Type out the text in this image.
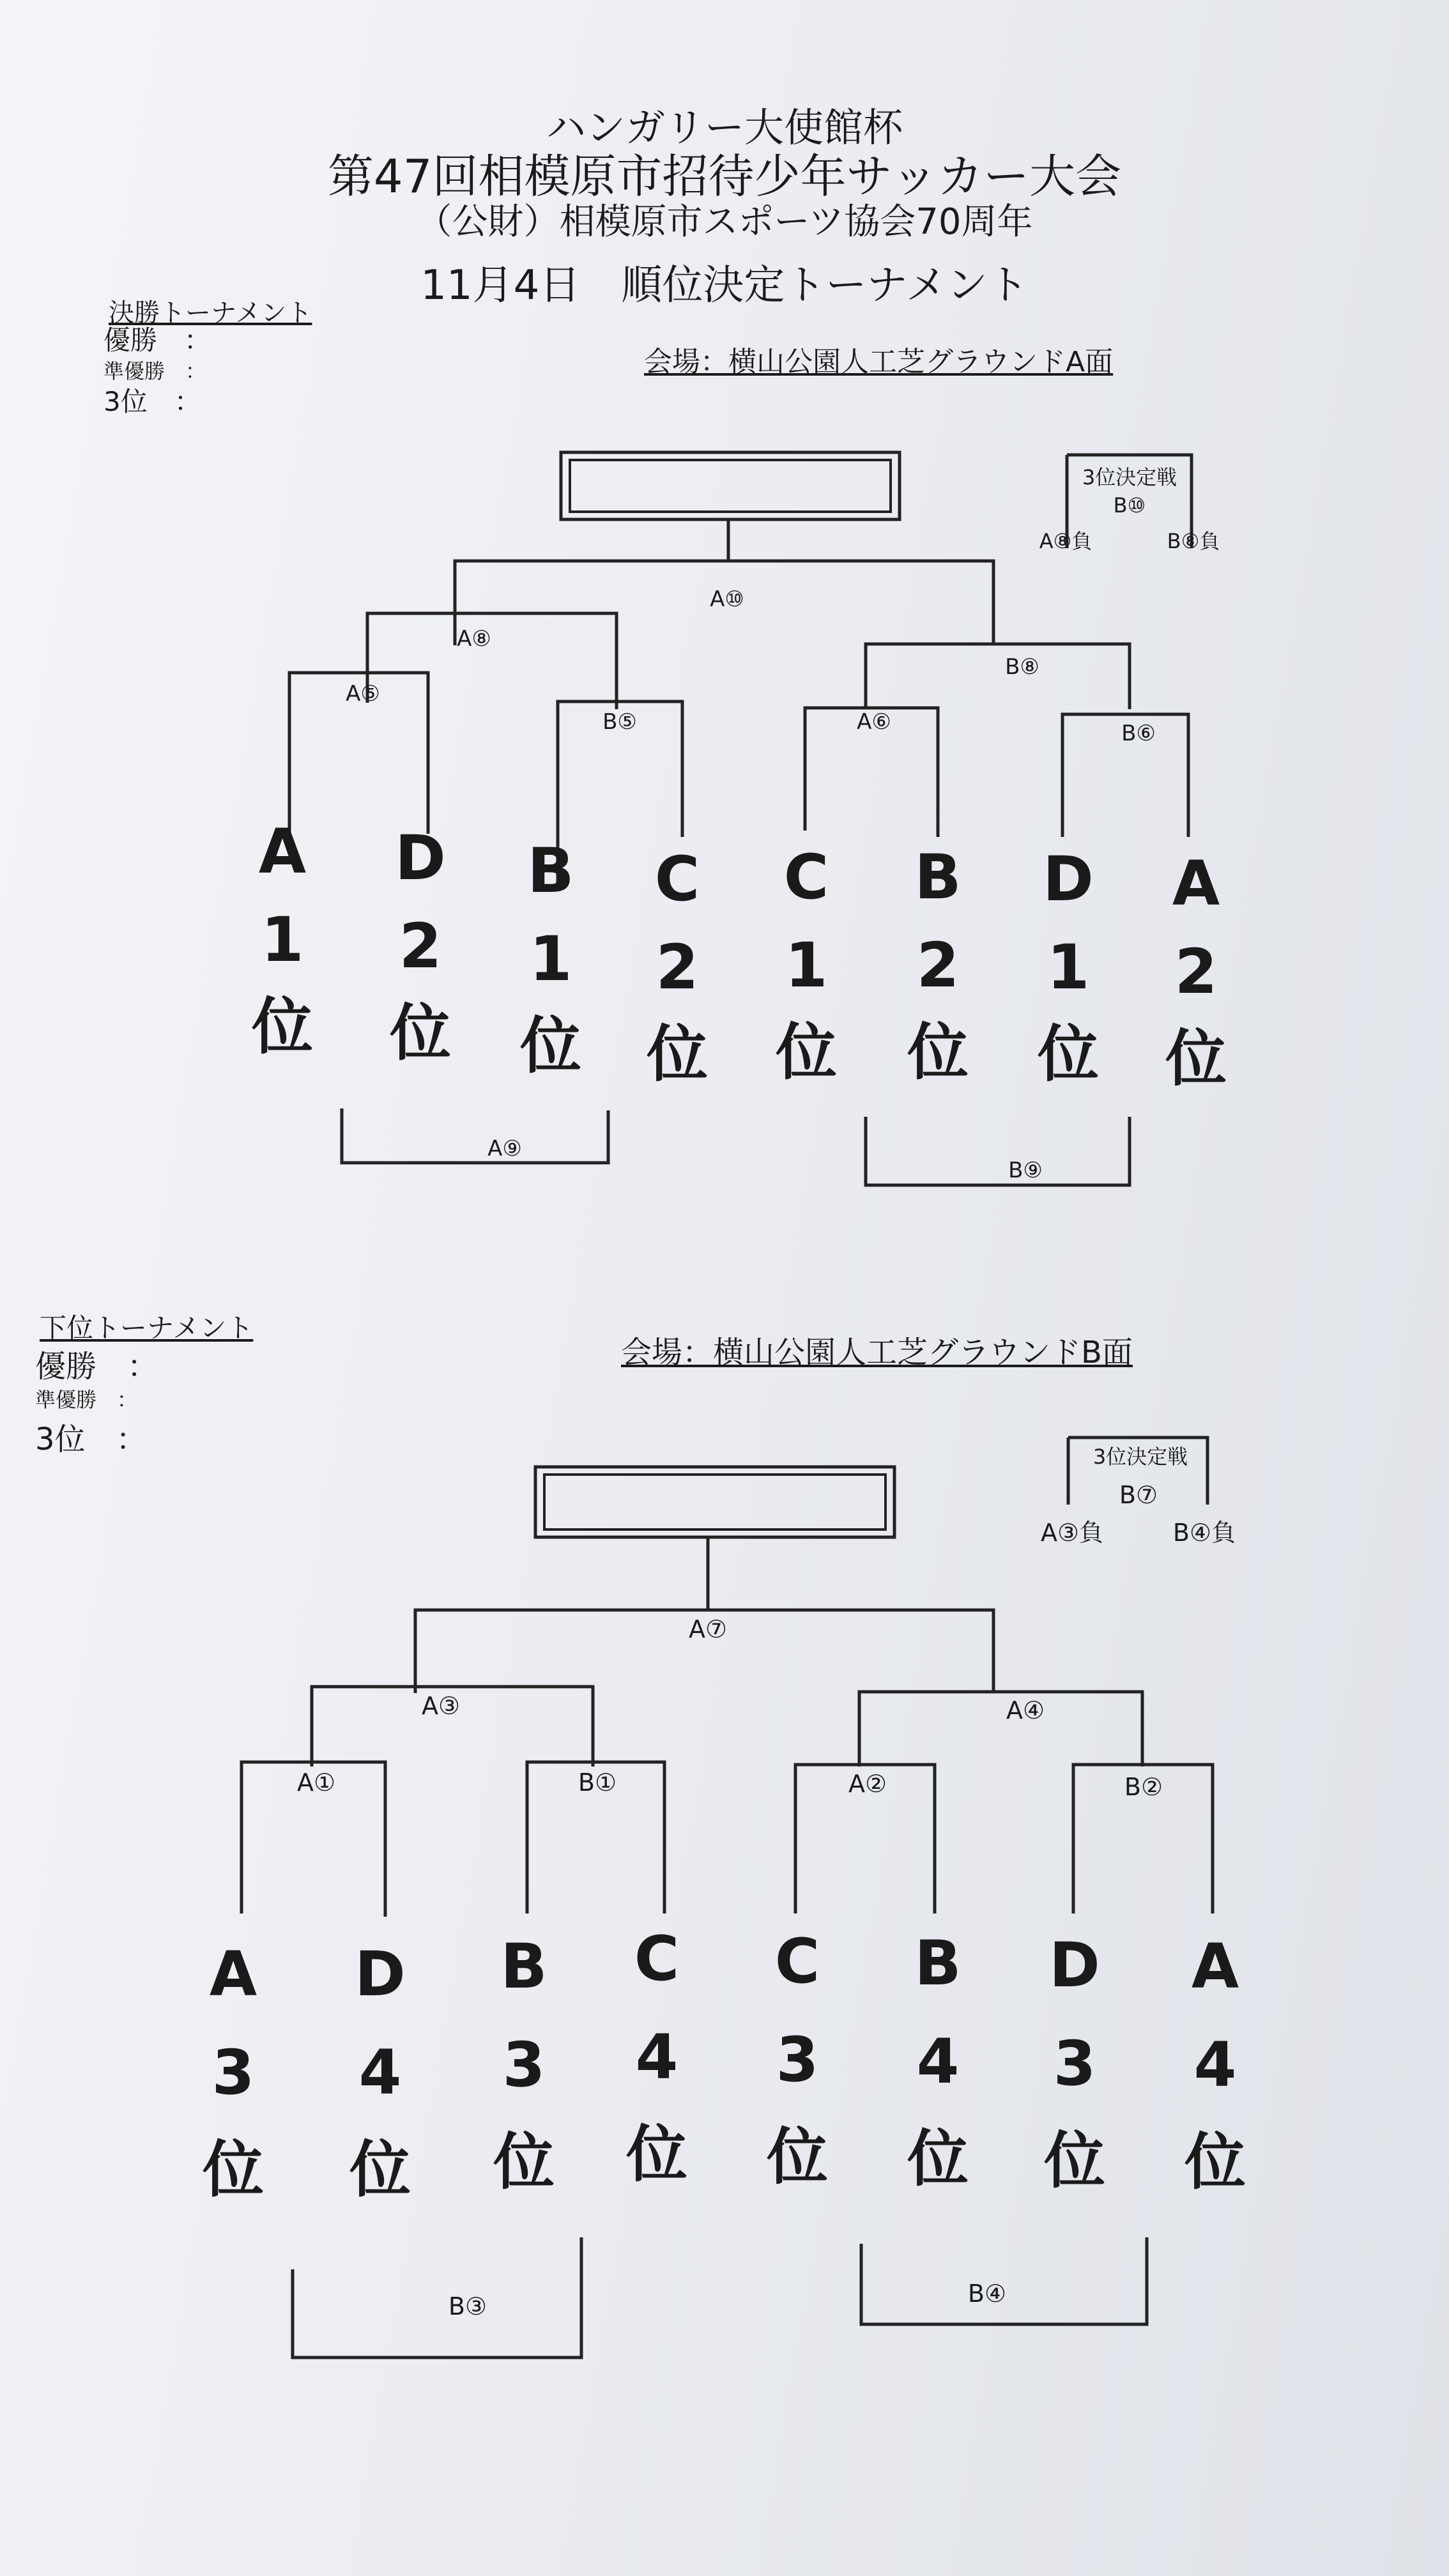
ハンガリー大使館杯
第47回相模原市招待少年サッカー大会
（公財）相模原市スポーツ協会70周年
11月4日　順位決定トーナメント
決勝トーナメント
優勝　：
準優勝　：
3位　：
会場：横山公園人工芝グラウンドA面
3位決定戦
B⑩
A⑧負	B⑧負
A⑩
A⑧
B⑧
A⑤
B⑤	A⑥	B⑥
A⑨
B⑨
A
1
位
D
2
位
B
1
位
C
2
位
C
1
位
B
2
位
D
1
位
A
2
位
下位トーナメント
優勝　：
準優勝　：
3位　：
会場：横山公園人工芝グラウンドB面
3位決定戦
B⑦
A③負	B④負
A⑦
A③	A④
A①	B①	A②	B②
B③	B④
A
3
位
D
4
位
B
3
位
C
4
位
C
3
位
B
4
位
D
3
位
A
4
位
